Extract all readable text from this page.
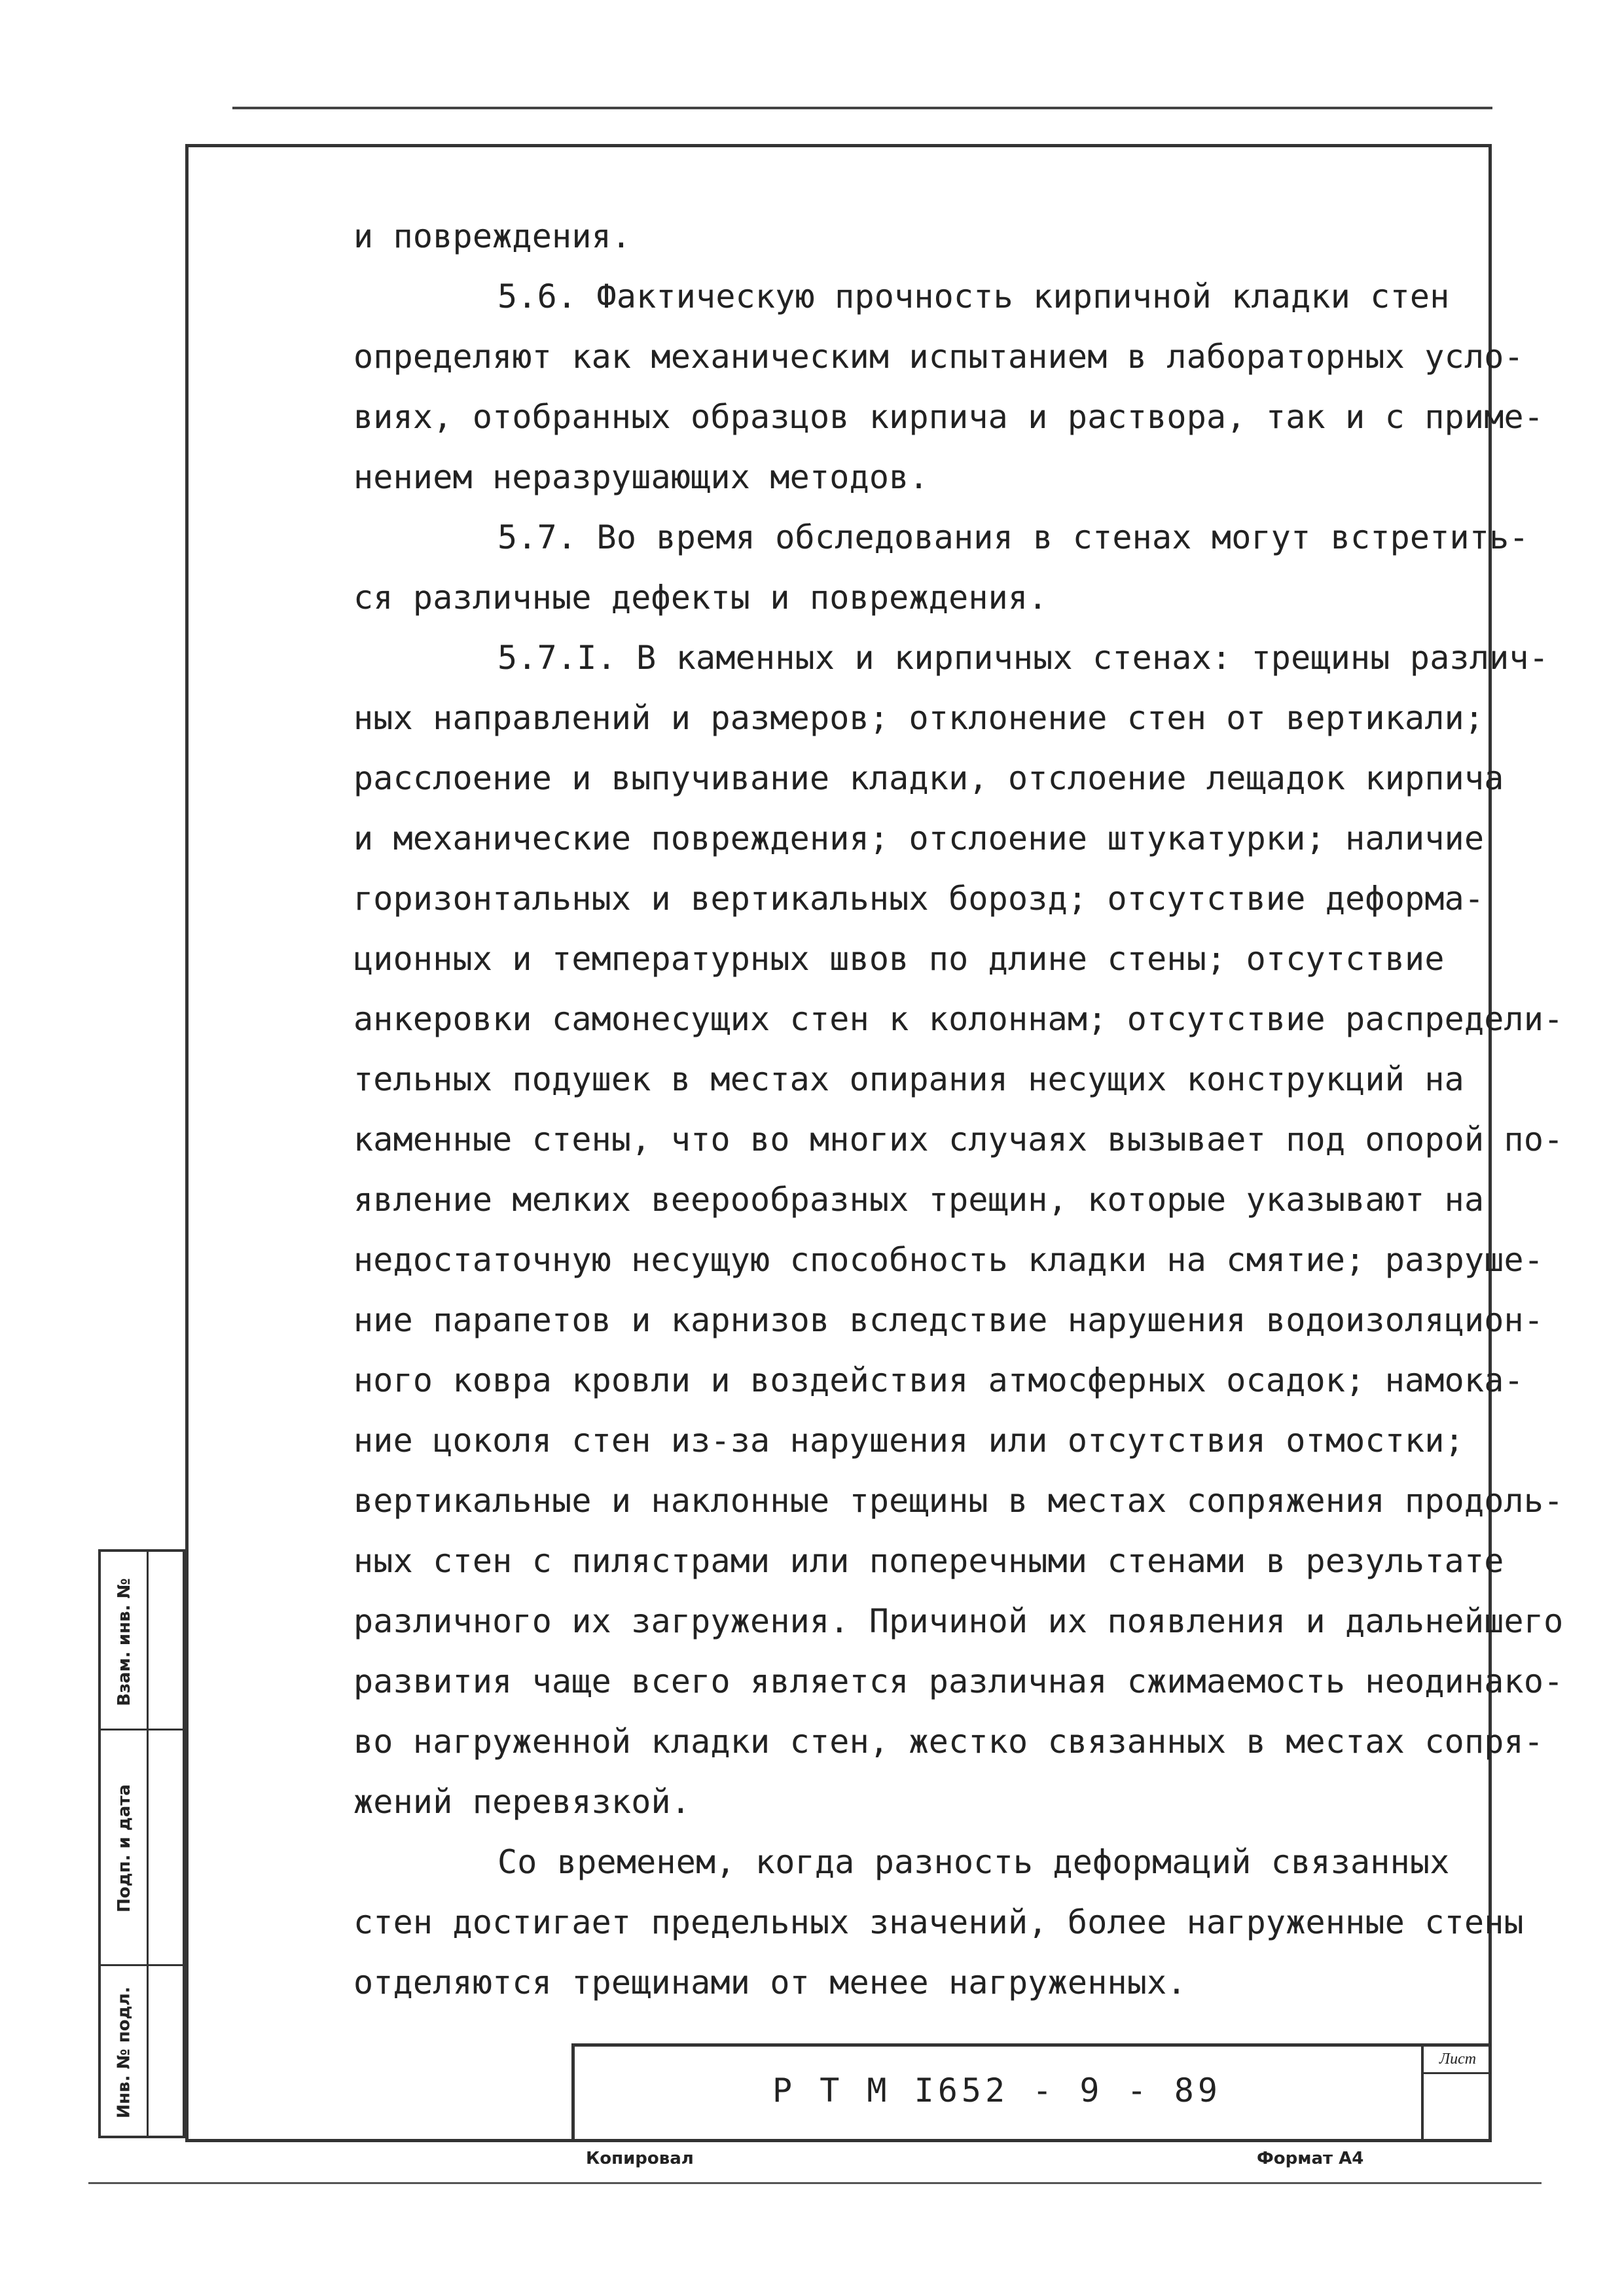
и повреждения.

5.6. Фактическую прочность кирпичной кладки стен

определяют как механическим испытанием в лабораторных усло-

виях, отобранных образцов кирпича и раствора, так и с приме-

нением неразрушающих методов.

5.7. Во время обследования в стенах могут встретить-

ся различные дефекты и повреждения.

5.7.I. В каменных и кирпичных стенах: трещины различ-

ных направлений и размеров; отклонение стен от вертикали;

расслоение и выпучивание кладки, отслоение лещадок кирпича

и механические повреждения; отслоение штукатурки; наличие

горизонтальных и вертикальных борозд; отсутствие деформа-

ционных и температурных швов по длине стены; отсутствие

анкеровки самонесущих стен к колоннам; отсутствие распредели-

тельных подушек в местах опирания несущих конструкций на

каменные стены, что во многих случаях вызывает под опорой по-

явление мелких веерообразных трещин, которые указывают на

недостаточную несущую способность кладки на смятие; разруше-

ние парапетов и карнизов вследствие нарушения водоизоляцион-

ного ковра кровли и воздействия атмосферных осадок; намока-

ние цоколя стен из-за нарушения или отсутствия отмостки;

вертикальные и наклонные трещины в местах сопряжения продоль-

ных стен с пилястрами или поперечными стенами в результате

различного их загружения. Причиной их появления и дальнейшего

развития чаще всего является различная сжимаемость неодинако-

во нагруженной кладки стен, жестко связанных в местах сопря-

жений перевязкой.

Со временем, когда разность деформаций связанных

стен достигает предельных значений, более нагруженные стены

отделяются трещинами от менее нагруженных.

Взам. инв. №
Подп. и дата
Инв. № подл.	Р Т М I652 - 9 - 89
Лист
Копировал	Формат А4
